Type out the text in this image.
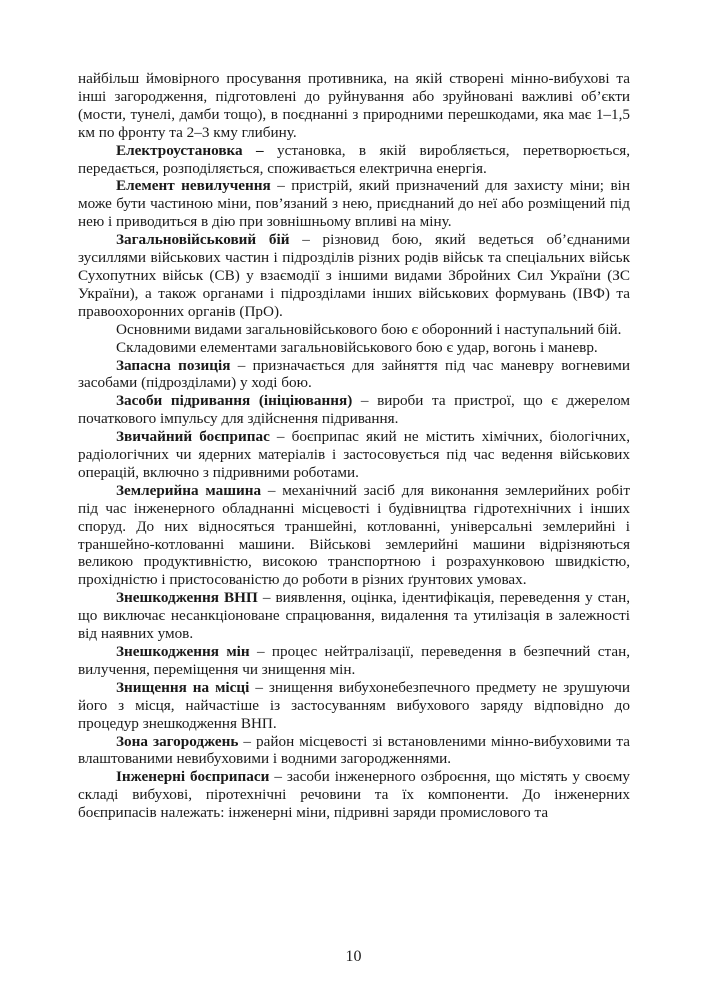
найбільш ймовірного просування противника, на якій створені мінно-вибухові та інші загородження, підготовлені до руйнування або зруйновані важливі об’єкти (мости, тунелі, дамби тощо), в поєднанні з природними перешкодами, яка має 1–1,5 км по фронту та 2–3 кму глибину.

Електроустановка – установка, в якій виробляється, перетворюється, передається, розподіляється, споживається електрична енергія.

Елемент невилучення – пристрій, який призначений для захисту міни; він може бути частиною міни, пов’язаний з нею, приєднаний до неї або розміщений під нею і приводиться в дію при зовнішньому впливі на міну.

Загальновійськовий бій – різновид бою, який ведеться об’єднаними зусиллями військових частин і підрозділів різних родів військ та спеціальних військ Сухопутних військ (СВ) у взаємодії з іншими видами Збройних Сил України (ЗС України), а також органами і підрозділами інших військових формувань (ІВФ) та правоохоронних органів (ПрО).

Основними видами загальновійськового бою є оборонний і наступальний бій.

Складовими елементами загальновійськового бою є удар, вогонь і маневр.

Запасна позиція – призначається для зайняття під час маневру вогневими засобами (підрозділами) у ході бою.

Засоби підривання (ініціювання) – вироби та пристрої, що є джерелом початкового імпульсу для здійснення підривання.

Звичайний боєприпас – боєприпас який не містить хімічних, біологічних, радіологічних чи ядерних матеріалів і застосовується під час ведення військових операцій, включно з підривними роботами.

Землерийна машина – механічний засіб для виконання землерийних робіт під час інженерного обладнанні місцевості і будівництва гідротехнічних і інших споруд. До них відносяться траншейні, котлованні, універсальні землерийні і траншейно-котлованні машини. Військові землерийні машини відрізняються великою продуктивністю, високою транспортною і розрахунковою швидкістю, прохідністю і пристосованістю до роботи в різних ґрунтових умовах.

Знешкодження ВНП – виявлення, оцінка, ідентифікація, переведення у стан, що виключає несанкціоноване спрацювання, видалення та утилізація в залежності від наявних умов.

Знешкодження мін – процес нейтралізації, переведення в безпечний стан, вилучення, переміщення чи знищення мін.

Знищення на місці – знищення вибухонебезпечного предмету не зрушуючи його з місця, найчастіше із застосуванням вибухового заряду відповідно до процедур знешкодження ВНП.

Зона загороджень – район місцевості зі встановленими мінно-вибуховими та влаштованими невибуховими і водними загородженнями.

Інженерні боєприпаси – засоби інженерного озброєння, що містять у своєму складі вибухові, піротехнічні речовини та їх компоненти. До інженерних боєприпасів належать: інженерні міни, підривні заряди промислового та

10
